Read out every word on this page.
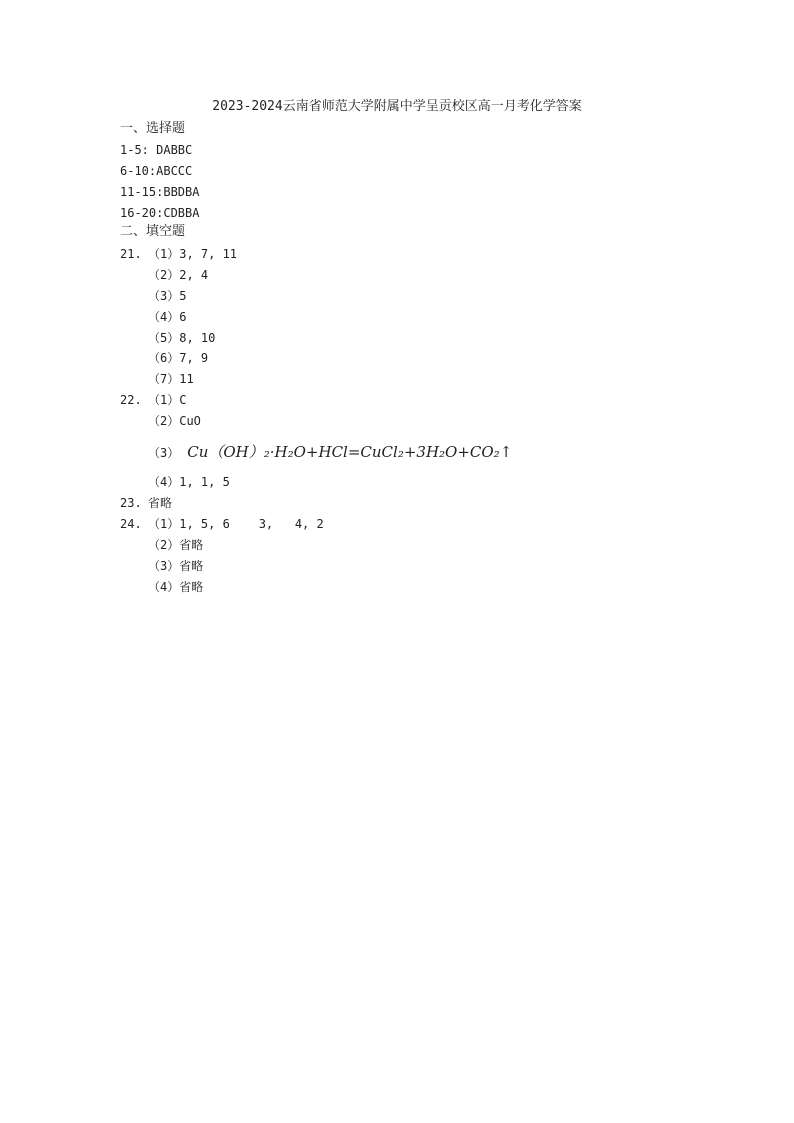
2023-2024云南省师范大学附属中学呈贡校区高一月考化学答案
一、选择题
1-5: DABBC
6-10:ABCCC
11-15:BBDBA
16-20:CDBBA
二、填空题
21. （1）3, 7, 11
（2）2, 4
（3）5
（4）6
（5）8, 10
（6）7, 9
（7）11
22. （1）C
（2）CuO
（3） Cu（OH）₂·H₂O+HCl=CuCl₂+3H₂O+CO₂↑
（4）1, 1, 5
23. 省略
24. （1）1, 5, 6    3,   4, 2
（2）省略
（3）省略
（4）省略
